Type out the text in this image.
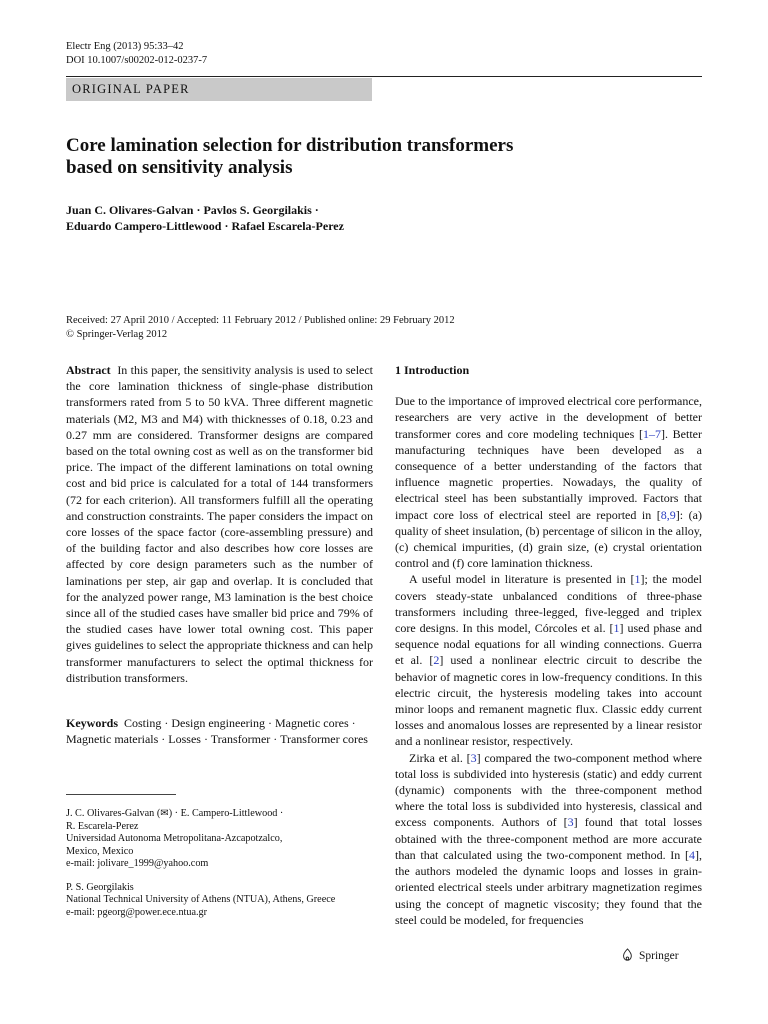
Electr Eng (2013) 95:33–42
DOI 10.1007/s00202-012-0237-7
ORIGINAL PAPER
Core lamination selection for distribution transformers
based on sensitivity analysis
Juan C. Olivares-Galvan · Pavlos S. Georgilakis ·
Eduardo Campero-Littlewood · Rafael Escarela-Perez
Received: 27 April 2010 / Accepted: 11 February 2012 / Published online: 29 February 2012
© Springer-Verlag 2012

Abstract In this paper, the sensitivity analysis is used to select the core lamination thickness of single-phase distribution transformers rated from 5 to 50 kVA. Three different magnetic materials (M2, M3 and M4) with thicknesses of 0.18, 0.23 and 0.27 mm are considered. Transformer designs are compared based on the total owning cost as well as on the transformer bid price. The impact of the different laminations on total owning cost and bid price is calculated for a total of 144 transformers (72 for each criterion). All transformers fulfill all the operating and construction constraints. The paper considers the impact on core losses of the space factor (core-assembling pressure) and of the building factor and also describes how core losses are affected by core design parameters such as the number of laminations per step, air gap and overlap. It is concluded that for the analyzed power range, M3 lamination is the best choice since all of the studied cases have smaller bid price and 79% of the studied cases have lower total owning cost. This paper gives guidelines to select the appropriate thickness and can help transformer manufacturers to select the optimal thickness for distribution transformers.

Keywords Costing · Design engineering · Magnetic cores · Magnetic materials · Losses · Transformer · Transformer cores

J. C. Olivares-Galvan (✉) · E. Campero-Littlewood ·
R. Escarela-Perez
Universidad Autonoma Metropolitana-Azcapotzalco,
Mexico, Mexico
e-mail: jolivare_1999@yahoo.com

P. S. Georgilakis
National Technical University of Athens (NTUA), Athens, Greece
e-mail: pgeorg@power.ece.ntua.gr

1 Introduction

Due to the importance of improved electrical core performance, researchers are very active in the development of better transformer cores and core modeling techniques [1–7]. Better manufacturing techniques have been developed as a consequence of a better understanding of the factors that influence magnetic properties. Nowadays, the quality of electrical steel has been substantially improved. Factors that impact core loss of electrical steel are reported in [8,9]: (a) quality of sheet insulation, (b) percentage of silicon in the alloy, (c) chemical impurities, (d) grain size, (e) crystal orientation control and (f) core lamination thickness.

A useful model in literature is presented in [1]; the model covers steady-state unbalanced conditions of three-phase transformers including three-legged, five-legged and triplex core designs. In this model, Córcoles et al. [1] used phase and sequence nodal equations for all winding connections. Guerra et al. [2] used a nonlinear electric circuit to describe the behavior of magnetic cores in low-frequency conditions. In this electric circuit, the hysteresis modeling takes into account minor loops and remanent magnetic flux. Classic eddy current losses and anomalous losses are represented by a linear resistor and a nonlinear resistor, respectively.

Zirka et al. [3] compared the two-component method where total loss is subdivided into hysteresis (static) and eddy current (dynamic) components with the three-component method where the total loss is subdivided into hysteresis, classical and excess components. Authors of [3] found that total losses obtained with the three-component method are more accurate than that calculated using the two-component method. In [4], the authors modeled the dynamic loops and losses in grain-oriented electrical steels under arbitrary magnetization regimes using the concept of magnetic viscosity; they found that the steel could be modeled, for frequencies

Springer
